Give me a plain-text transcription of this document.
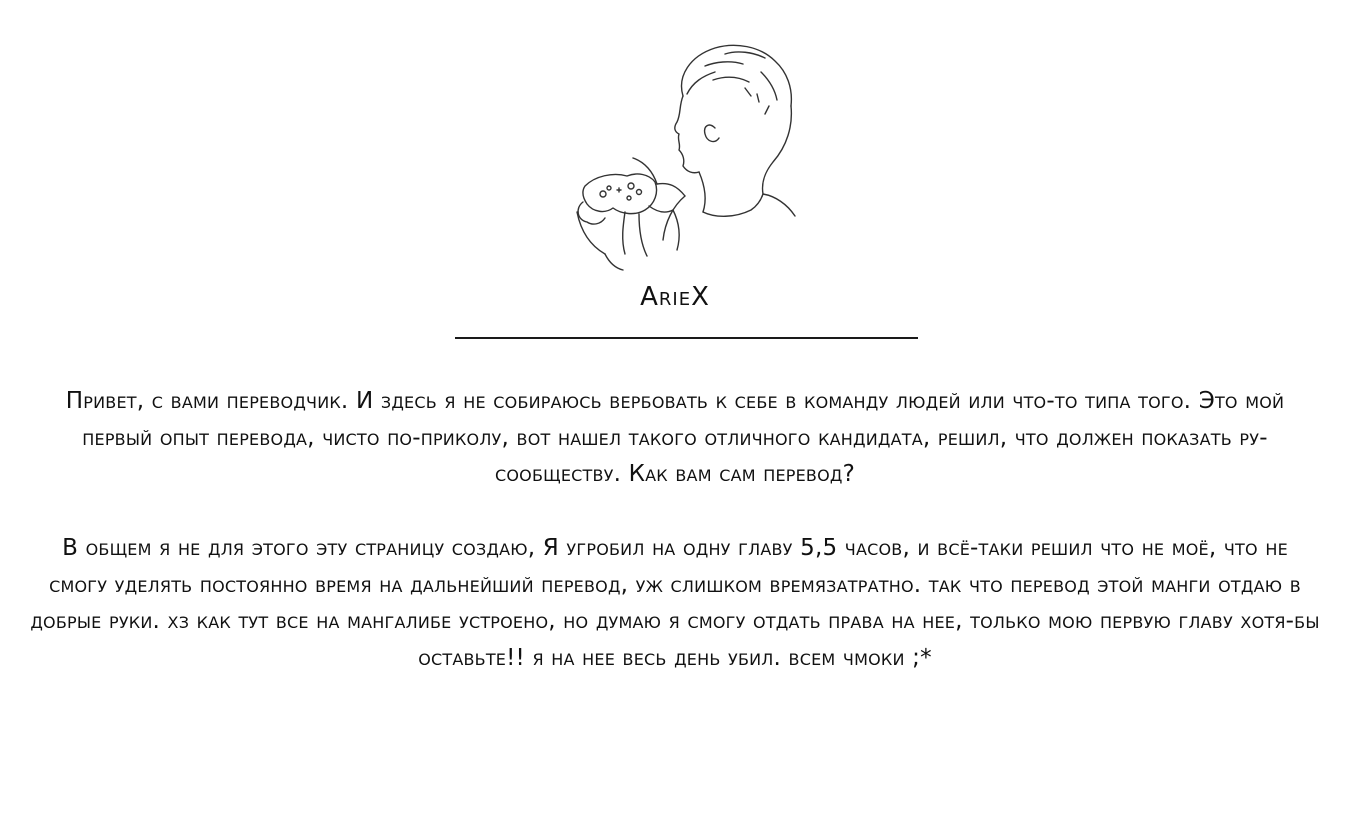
ArieX

Привет, с вами переводчик. И здесь я не собираюсь вербовать к себе в команду людей или что-то типа того. Это мой первый опыт перевода, чисто по-приколу, вот нашел такого отличного кандидата, решил, что должен показать ру-сообществу. Как вам сам перевод?

В общем я не для этого эту страницу создаю, Я угробил на одну главу 5,5 часов, и всё-таки решил что не моё, что не смогу уделять постоянно время на дальнейший перевод, уж слишком времязатратно. так что перевод этой манги отдаю в добрые руки. хз как тут все на мангалибе устроено, но думаю я смогу отдать права на нее, только мою первую главу хотя-бы оставьте!! я на нее весь день убил. всем чмоки ;*
